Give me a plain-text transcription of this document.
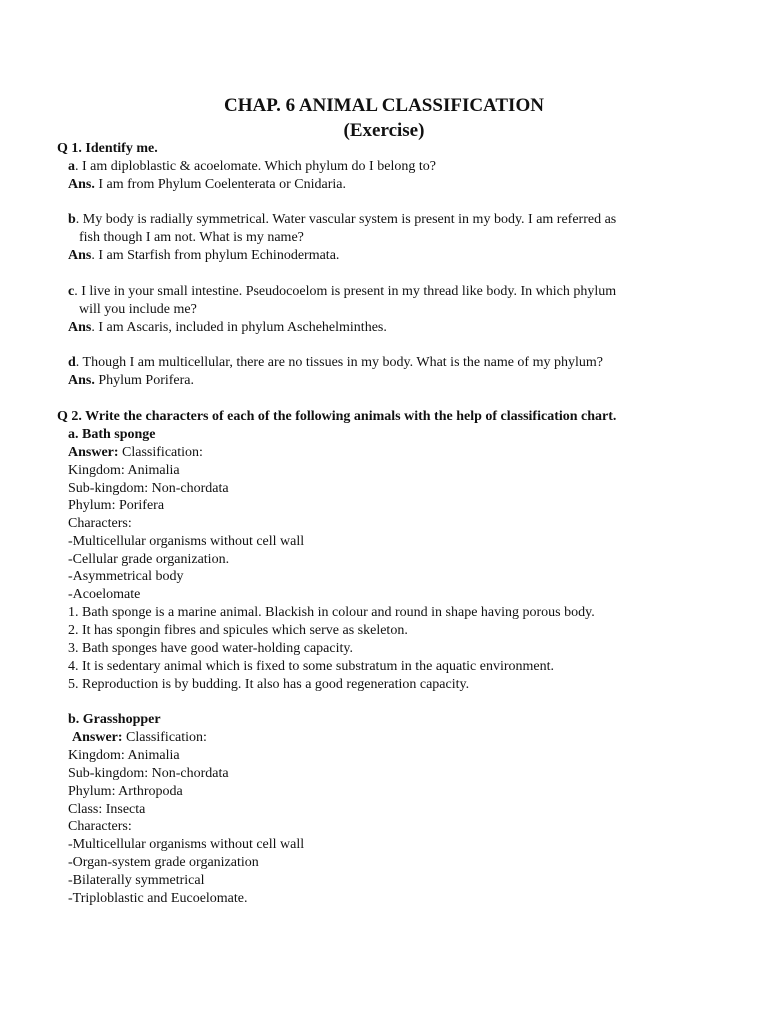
CHAP. 6 ANIMAL CLASSIFICATION
(Exercise)
Q 1. Identify me.
a. I am diploblastic & acoelomate. Which phylum do I belong to?
Ans. I am from Phylum Coelenterata or Cnidaria.
b. My body is radially symmetrical. Water vascular system is present in my body. I am referred as
fish though I am not. What is my name?
Ans. I am Starfish from phylum Echinodermata.
c. I live in your small intestine. Pseudocoelom is present in my thread like body. In which phylum
will you include me?
Ans. I am Ascaris, included in phylum Aschehelminthes.
d. Though I am multicellular, there are no tissues in my body. What is the name of my phylum?
Ans. Phylum Porifera.
Q 2. Write the characters of each of the following animals with the help of classification chart.
a. Bath sponge
Answer: Classification:
Kingdom: Animalia
Sub-kingdom: Non-chordata
Phylum: Porifera
Characters:
-Multicellular organisms without cell wall
-Cellular grade organization.
-Asymmetrical body
-Acoelomate
1. Bath sponge is a marine animal. Blackish in colour and round in shape having porous body.
2. It has spongin fibres and spicules which serve as skeleton.
3. Bath sponges have good water-holding capacity.
4. It is sedentary animal which is fixed to some substratum in the aquatic environment.
5. Reproduction is by budding. It also has a good regeneration capacity.
b. Grasshopper
Answer: Classification:
Kingdom: Animalia
Sub-kingdom: Non-chordata
Phylum: Arthropoda
Class: Insecta
Characters:
-Multicellular organisms without cell wall
-Organ-system grade organization
-Bilaterally symmetrical
-Triploblastic and Eucoelomate.
